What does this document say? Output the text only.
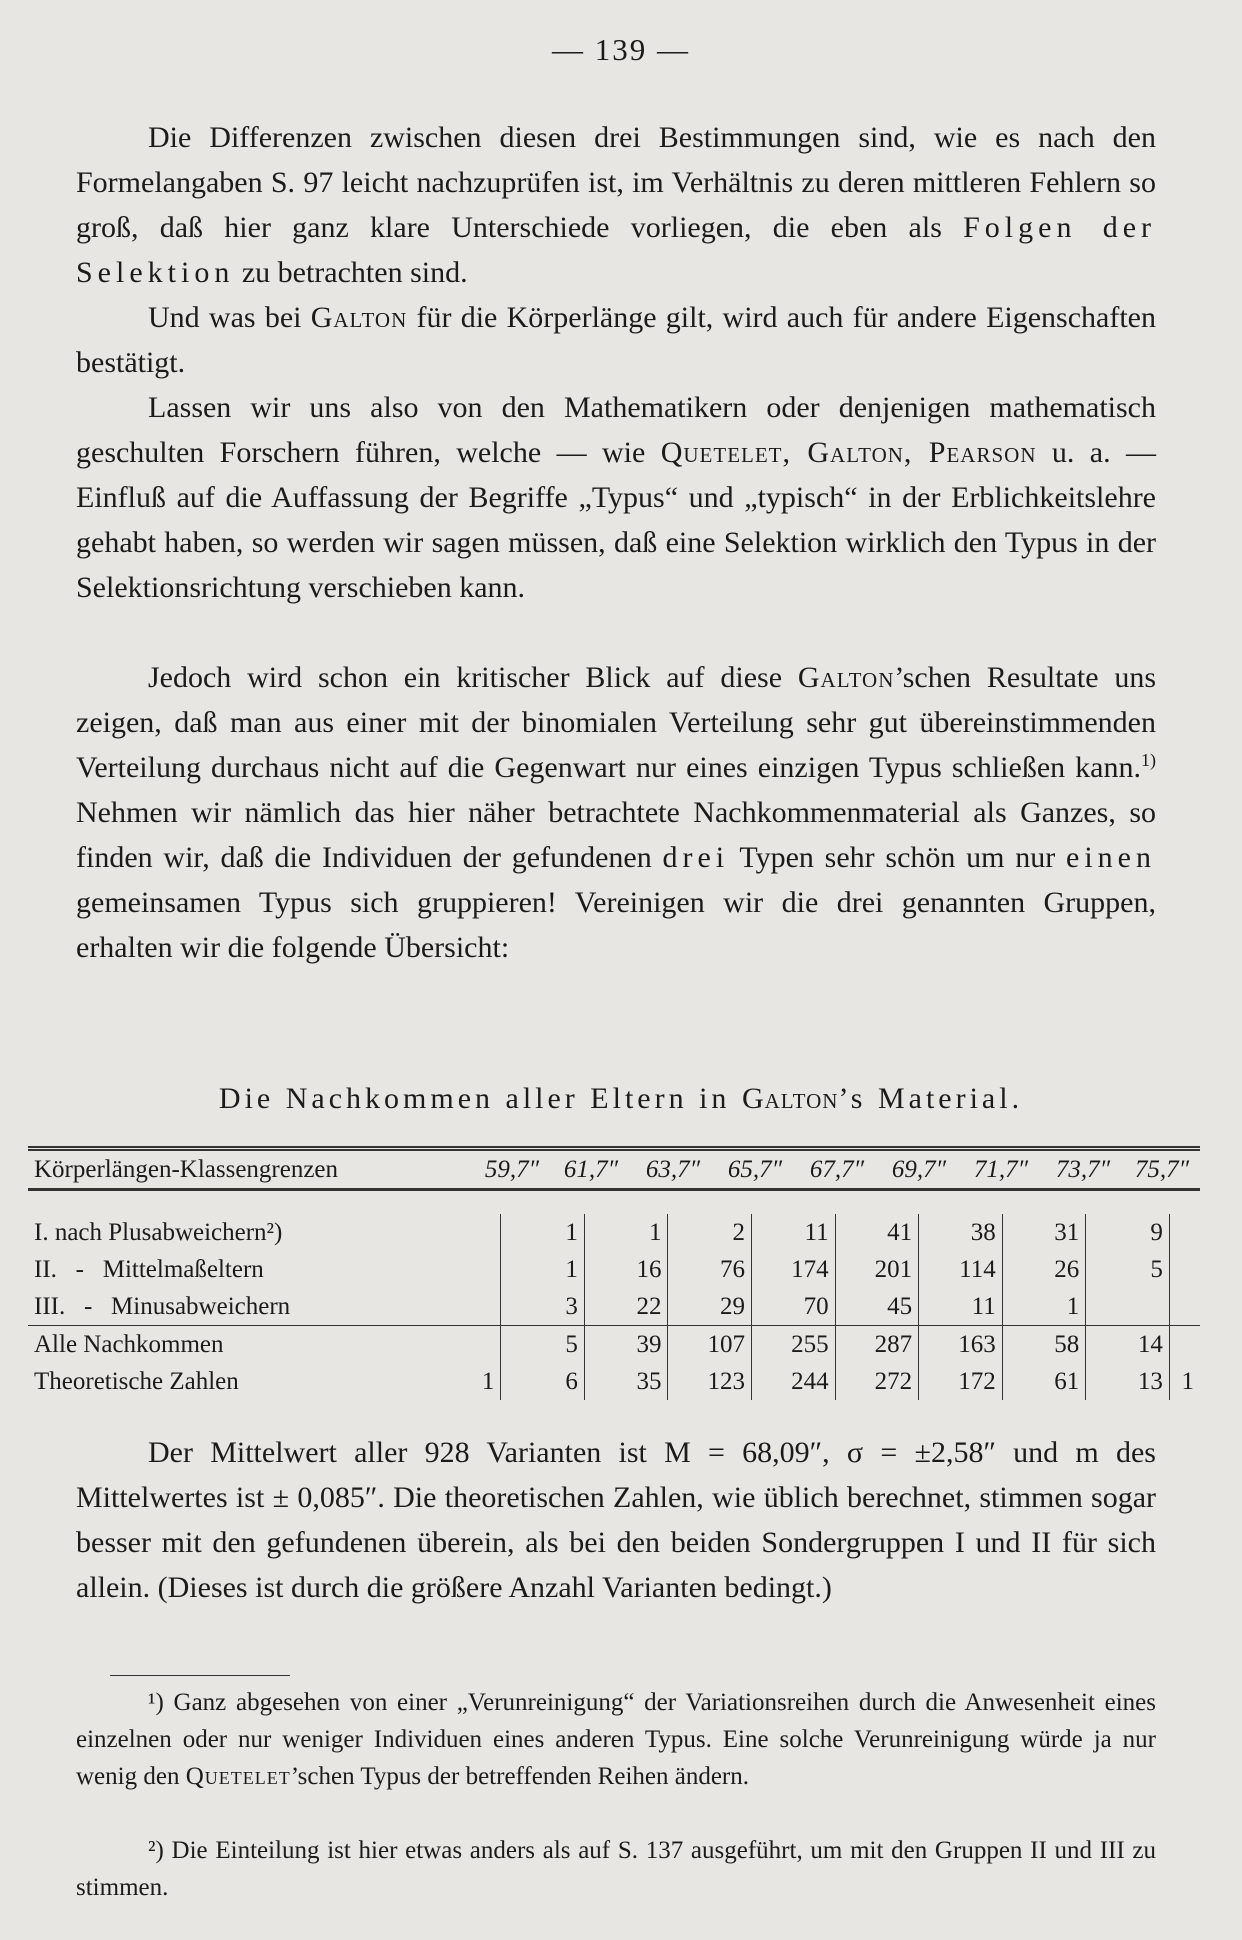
— 139 —
Die Differenzen zwischen diesen drei Bestimmungen sind, wie es nach den Formelangaben S. 97 leicht nachzuprüfen ist, im Verhältnis zu deren mittleren Fehlern so groß, daß hier ganz klare Unterschiede vorliegen, die eben als Folgen der Selektion zu betrachten sind.
Und was bei Galton für die Körperlänge gilt, wird auch für andere Eigenschaften bestätigt.
Lassen wir uns also von den Mathematikern oder denjenigen mathematisch geschulten Forschern führen, welche — wie Quetelet, Galton, Pearson u. a. — Einfluß auf die Auffassung der Begriffe „Typus“ und „typisch“ in der Erblichkeitslehre gehabt haben, so werden wir sagen müssen, daß eine Selektion wirklich den Typus in der Selektionsrichtung verschieben kann.
Jedoch wird schon ein kritischer Blick auf diese Galton’schen Resultate uns zeigen, daß man aus einer mit der binomialen Verteilung sehr gut übereinstimmenden Verteilung durchaus nicht auf die Gegenwart nur eines einzigen Typus schließen kann.$^{1)}$ Nehmen wir nämlich das hier näher betrachtete Nachkommenmaterial als Ganzes, so finden wir, daß die Individuen der gefundenen drei Typen sehr schön um nur einen gemeinsamen Typus sich gruppieren! Vereinigen wir die drei genannten Gruppen, erhalten wir die folgende Übersicht:
Die Nachkommen aller Eltern in Galton’s Material.
Körperlängen-Klassengrenzen	59,7″ 61,7″ 63,7″ 65,7″ 67,7″ 69,7″ 71,7″ 73,7″ 75,7″
I. nach Plusabweichern²)		1	1	2	11	41	38	31	9	
II.   -   Mittelmaßeltern		1	16	76	174	201	114	26	5	
III.   -   Minusabweichern		3	22	29	70	45	11	1		
Alle Nachkommen		5	39	107	255	287	163	58	14	
Theoretische Zahlen	1	6	35	123	244	272	172	61	13	1
Der Mittelwert aller 928 Varianten ist M = 68,09″, σ = ±2,58″ und m des Mittelwertes ist ± 0,085″. Die theoretischen Zahlen, wie üblich berechnet, stimmen sogar besser mit den gefundenen überein, als bei den beiden Sondergruppen I und II für sich allein. (Dieses ist durch die größere Anzahl Varianten bedingt.)
¹) Ganz abgesehen von einer „Verunreinigung“ der Variationsreihen durch die Anwesenheit eines einzelnen oder nur weniger Individuen eines anderen Typus. Eine solche Verunreinigung würde ja nur wenig den Quetelet’schen Typus der betreffenden Reihen ändern.
²) Die Einteilung ist hier etwas anders als auf S. 137 ausgeführt, um mit den Gruppen II und III zu stimmen.
